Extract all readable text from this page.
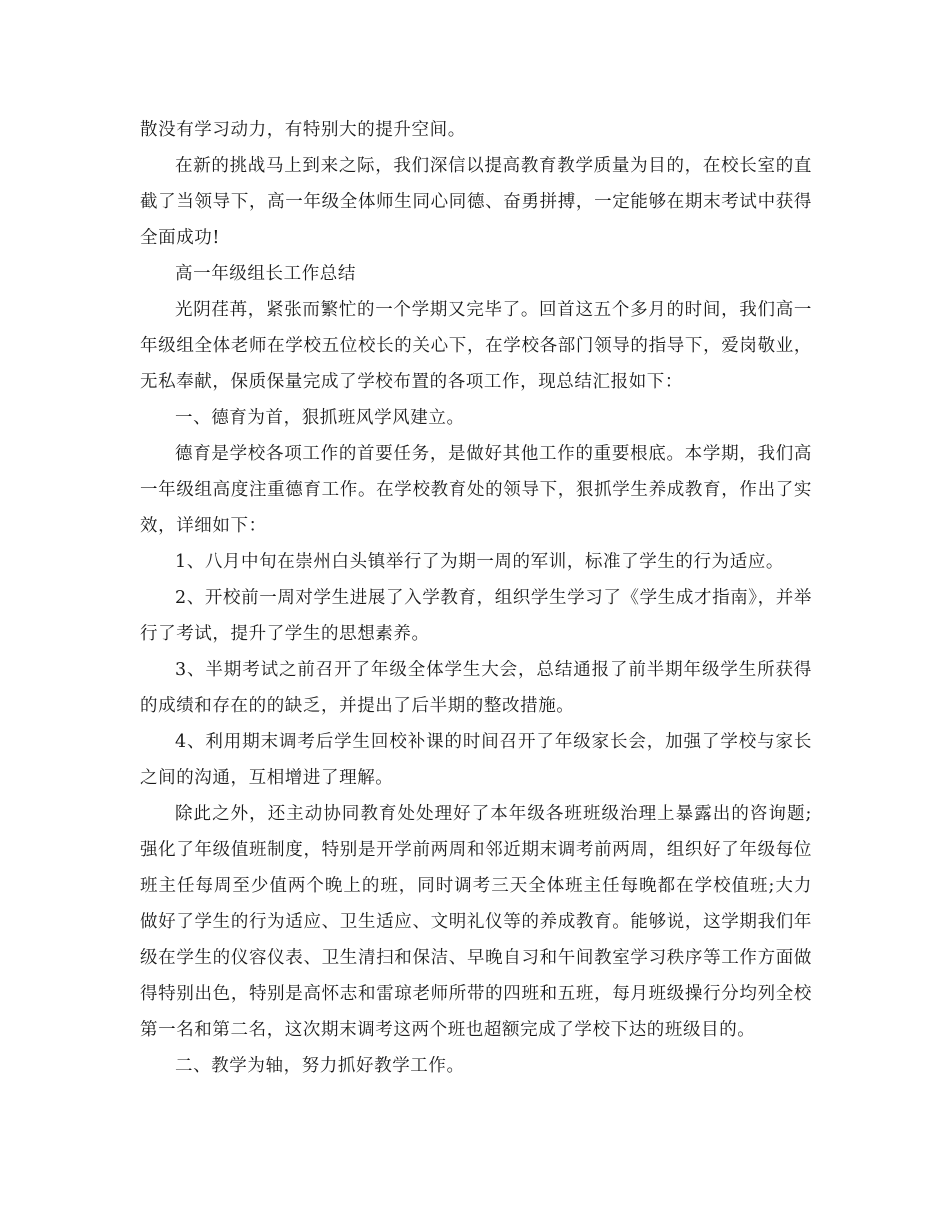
散没有学习动力，有特别大的提升空间。

在新的挑战马上到来之际，我们深信以提高教育教学质量为目的，在校长室的直截了当领导下，高一年级全体师生同心同德、奋勇拼搏，一定能够在期末考试中获得全面成功!

高一年级组长工作总结

光阴荏苒，紧张而繁忙的一个学期又完毕了。回首这五个多月的时间，我们高一年级组全体老师在学校五位校长的关心下，在学校各部门领导的指导下，爱岗敬业，无私奉献，保质保量完成了学校布置的各项工作，现总结汇报如下：

一、德育为首，狠抓班风学风建立。

德育是学校各项工作的首要任务，是做好其他工作的重要根底。本学期，我们高一年级组高度注重德育工作。在学校教育处的领导下，狠抓学生养成教育，作出了实效，详细如下：

1、八月中旬在崇州白头镇举行了为期一周的军训，标准了学生的行为适应。

2、开校前一周对学生进展了入学教育，组织学生学习了《学生成才指南》，并举行了考试，提升了学生的思想素养。

3、半期考试之前召开了年级全体学生大会，总结通报了前半期年级学生所获得的成绩和存在的的缺乏，并提出了后半期的整改措施。

4、利用期末调考后学生回校补课的时间召开了年级家长会，加强了学校与家长之间的沟通，互相增进了理解。

除此之外，还主动协同教育处处理好了本年级各班班级治理上暴露出的咨询题;强化了年级值班制度，特别是开学前两周和邻近期末调考前两周，组织好了年级每位班主任每周至少值两个晚上的班，同时调考三天全体班主任每晚都在学校值班;大力做好了学生的行为适应、卫生适应、文明礼仪等的养成教育。能够说，这学期我们年级在学生的仪容仪表、卫生清扫和保洁、早晚自习和午间教室学习秩序等工作方面做得特别出色，特别是高怀志和雷琼老师所带的四班和五班，每月班级操行分均列全校第一名和第二名，这次期末调考这两个班也超额完成了学校下达的班级目的。

二、教学为轴，努力抓好教学工作。
